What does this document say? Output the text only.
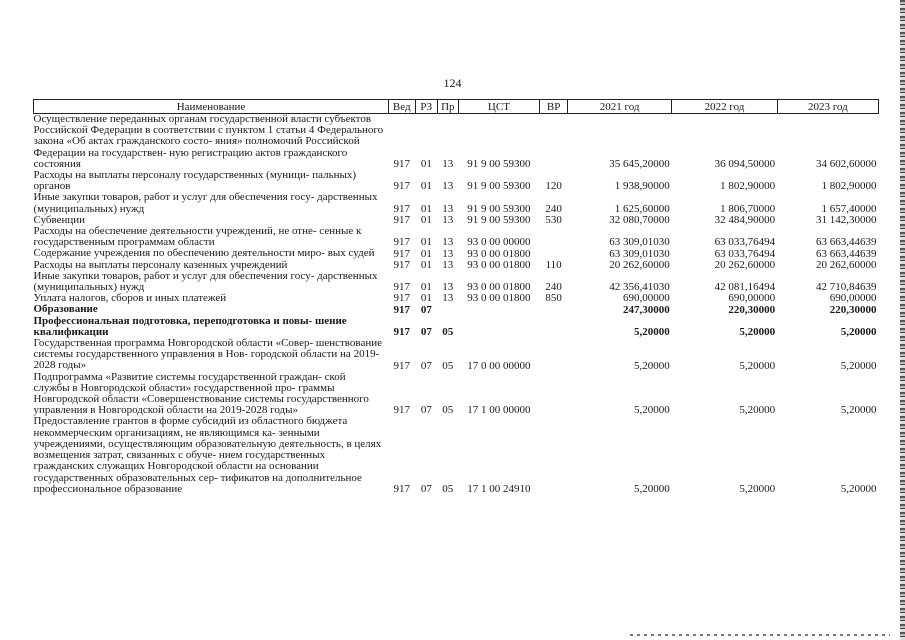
124
Наименование	Вед	РЗ	Пр	ЦСТ	ВР	2021 год	2022 год	2023 год
Осуществление переданных органам государственной власти субъектов Российской Федерации в соответствии с пунктом 1 статьи 4 Федерального закона «Об актах гражданского состо- яния» полномочий Российской Федерации на государствен- ную регистрацию актов гражданского состояния	917	01	13	91 9 00 59300		35 645,20000	36 094,50000	34 602,60000
Расходы на выплаты персоналу государственных (муници- пальных) органов	917	01	13	91 9 00 59300	120	1 938,90000	1 802,90000	1 802,90000
Иные закупки товаров, работ и услуг для обеспечения госу- дарственных (муниципальных) нужд	917	01	13	91 9 00 59300	240	1 625,60000	1 806,70000	1 657,40000
Субвенции	917	01	13	91 9 00 59300	530	32 080,70000	32 484,90000	31 142,30000
Расходы на обеспечение деятельности учреждений, не отне- сенные к государственным программам области	917	01	13	93 0 00 00000		63 309,01030	63 033,76494	63 663,44639
Содержание учреждения по обеспечению деятельности миро- вых судей	917	01	13	93 0 00 01800		63 309,01030	63 033,76494	63 663,44639
Расходы на выплаты персоналу казенных учреждений	917	01	13	93 0 00 01800	110	20 262,60000	20 262,60000	20 262,60000
Иные закупки товаров, работ и услуг для обеспечения госу- дарственных (муниципальных) нужд	917	01	13	93 0 00 01800	240	42 356,41030	42 081,16494	42 710,84639
Уплата налогов, сборов и иных платежей	917	01	13	93 0 00 01800	850	690,00000	690,00000	690,00000
Образование	917	07				247,30000	220,30000	220,30000
Профессиональная подготовка, переподготовка и повы- шение квалификации	917	07	05			5,20000	5,20000	5,20000
Государственная программа Новгородской области «Совер- шенствование системы государственного управления в Нов- городской области на 2019-2028 годы»	917	07	05	17 0 00 00000		5,20000	5,20000	5,20000
Подпрограмма «Развитие системы государственной граждан- ской службы в Новгородской области» государственной про- граммы Новгородской области «Совершенствование системы государственного управления в Новгородской области на 2019-2028 годы»	917	07	05	17 1 00 00000		5,20000	5,20000	5,20000
Предоставление грантов в форме субсидий из областного бюджета некоммерческим организациям, не являющимся ка- зенными учреждениями, осуществляющим образовательную деятельность, в целях возмещения затрат, связанных с обуче- нием государственных гражданских служащих Новгородской области на основании государственных образовательных сер- тификатов на дополнительное профессиональное образование	917	07	05	17 1 00 24910		5,20000	5,20000	5,20000
